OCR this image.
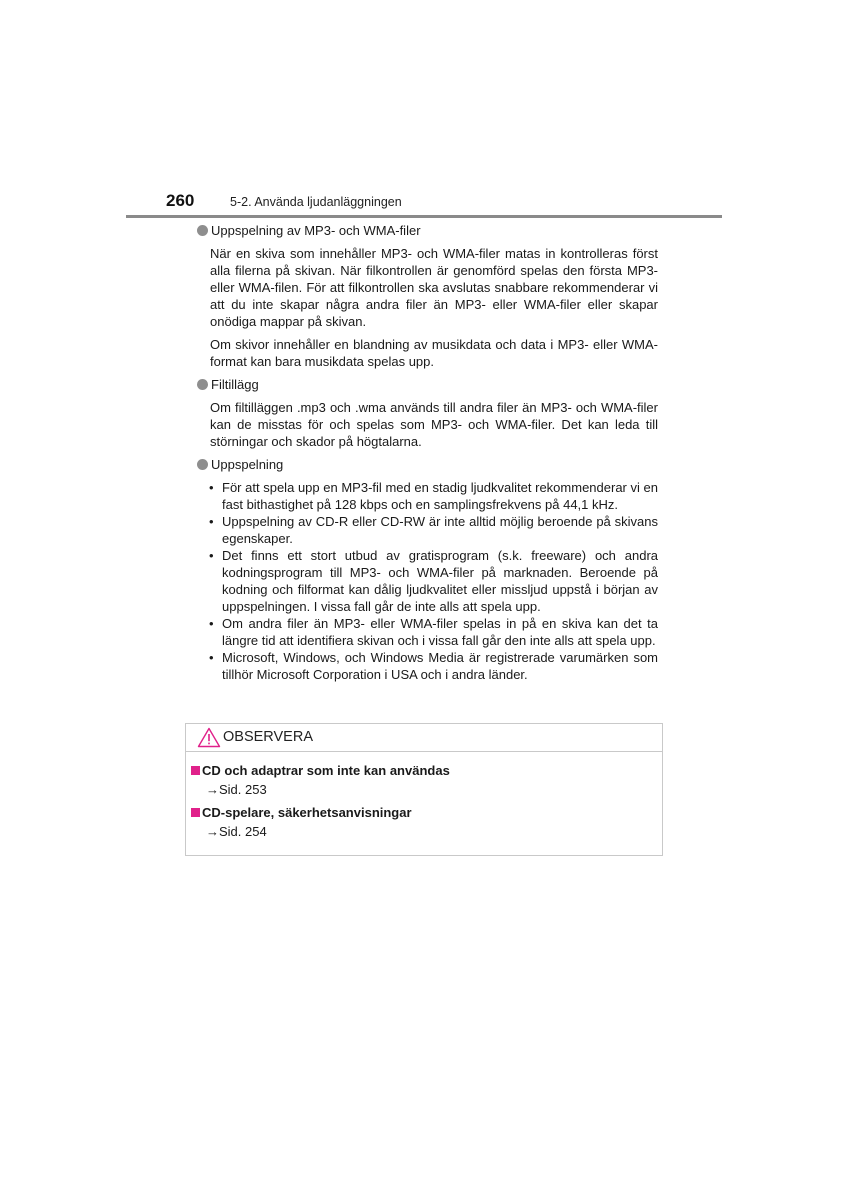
260	5-2. Använda ljudanläggningen

Uppspelning av MP3- och WMA-filer

När en skiva som innehåller MP3- och WMA-filer matas in kontrolleras först alla filerna på skivan. När filkontrollen är genomförd spelas den första MP3- eller WMA-filen. För att filkontrollen ska avslutas snabbare rekommenderar vi att du inte skapar några andra filer än MP3- eller WMA-filer eller skapar onödiga mappar på skivan.

Om skivor innehåller en blandning av musikdata och data i MP3- eller WMA-format kan bara musikdata spelas upp.

Filtillägg

Om filtilläggen .mp3 och .wma används till andra filer än MP3- och WMA-filer kan de misstas för och spelas som MP3- och WMA-filer. Det kan leda till störningar och skador på högtalarna.

Uppspelning

• För att spela upp en MP3-fil med en stadig ljudkvalitet rekommenderar vi en fast bithastighet på 128 kbps och en samplingsfrekvens på 44,1 kHz.
• Uppspelning av CD-R eller CD-RW är inte alltid möjlig beroende på skivans egenskaper.
• Det finns ett stort utbud av gratisprogram (s.k. freeware) och andra kodningsprogram till MP3- och WMA-filer på marknaden. Beroende på kodning och filformat kan dålig ljudkvalitet eller missljud uppstå i början av uppspelningen. I vissa fall går de inte alls att spela upp.
• Om andra filer än MP3- eller WMA-filer spelas in på en skiva kan det ta längre tid att identifiera skivan och i vissa fall går den inte alls att spela upp.
• Microsoft, Windows, och Windows Media är registrerade varumärken som tillhör Microsoft Corporation i USA och i andra länder.
OBSERVERA
CD och adaptrar som inte kan användas
→Sid. 253
CD-spelare, säkerhetsanvisningar
→Sid. 254
